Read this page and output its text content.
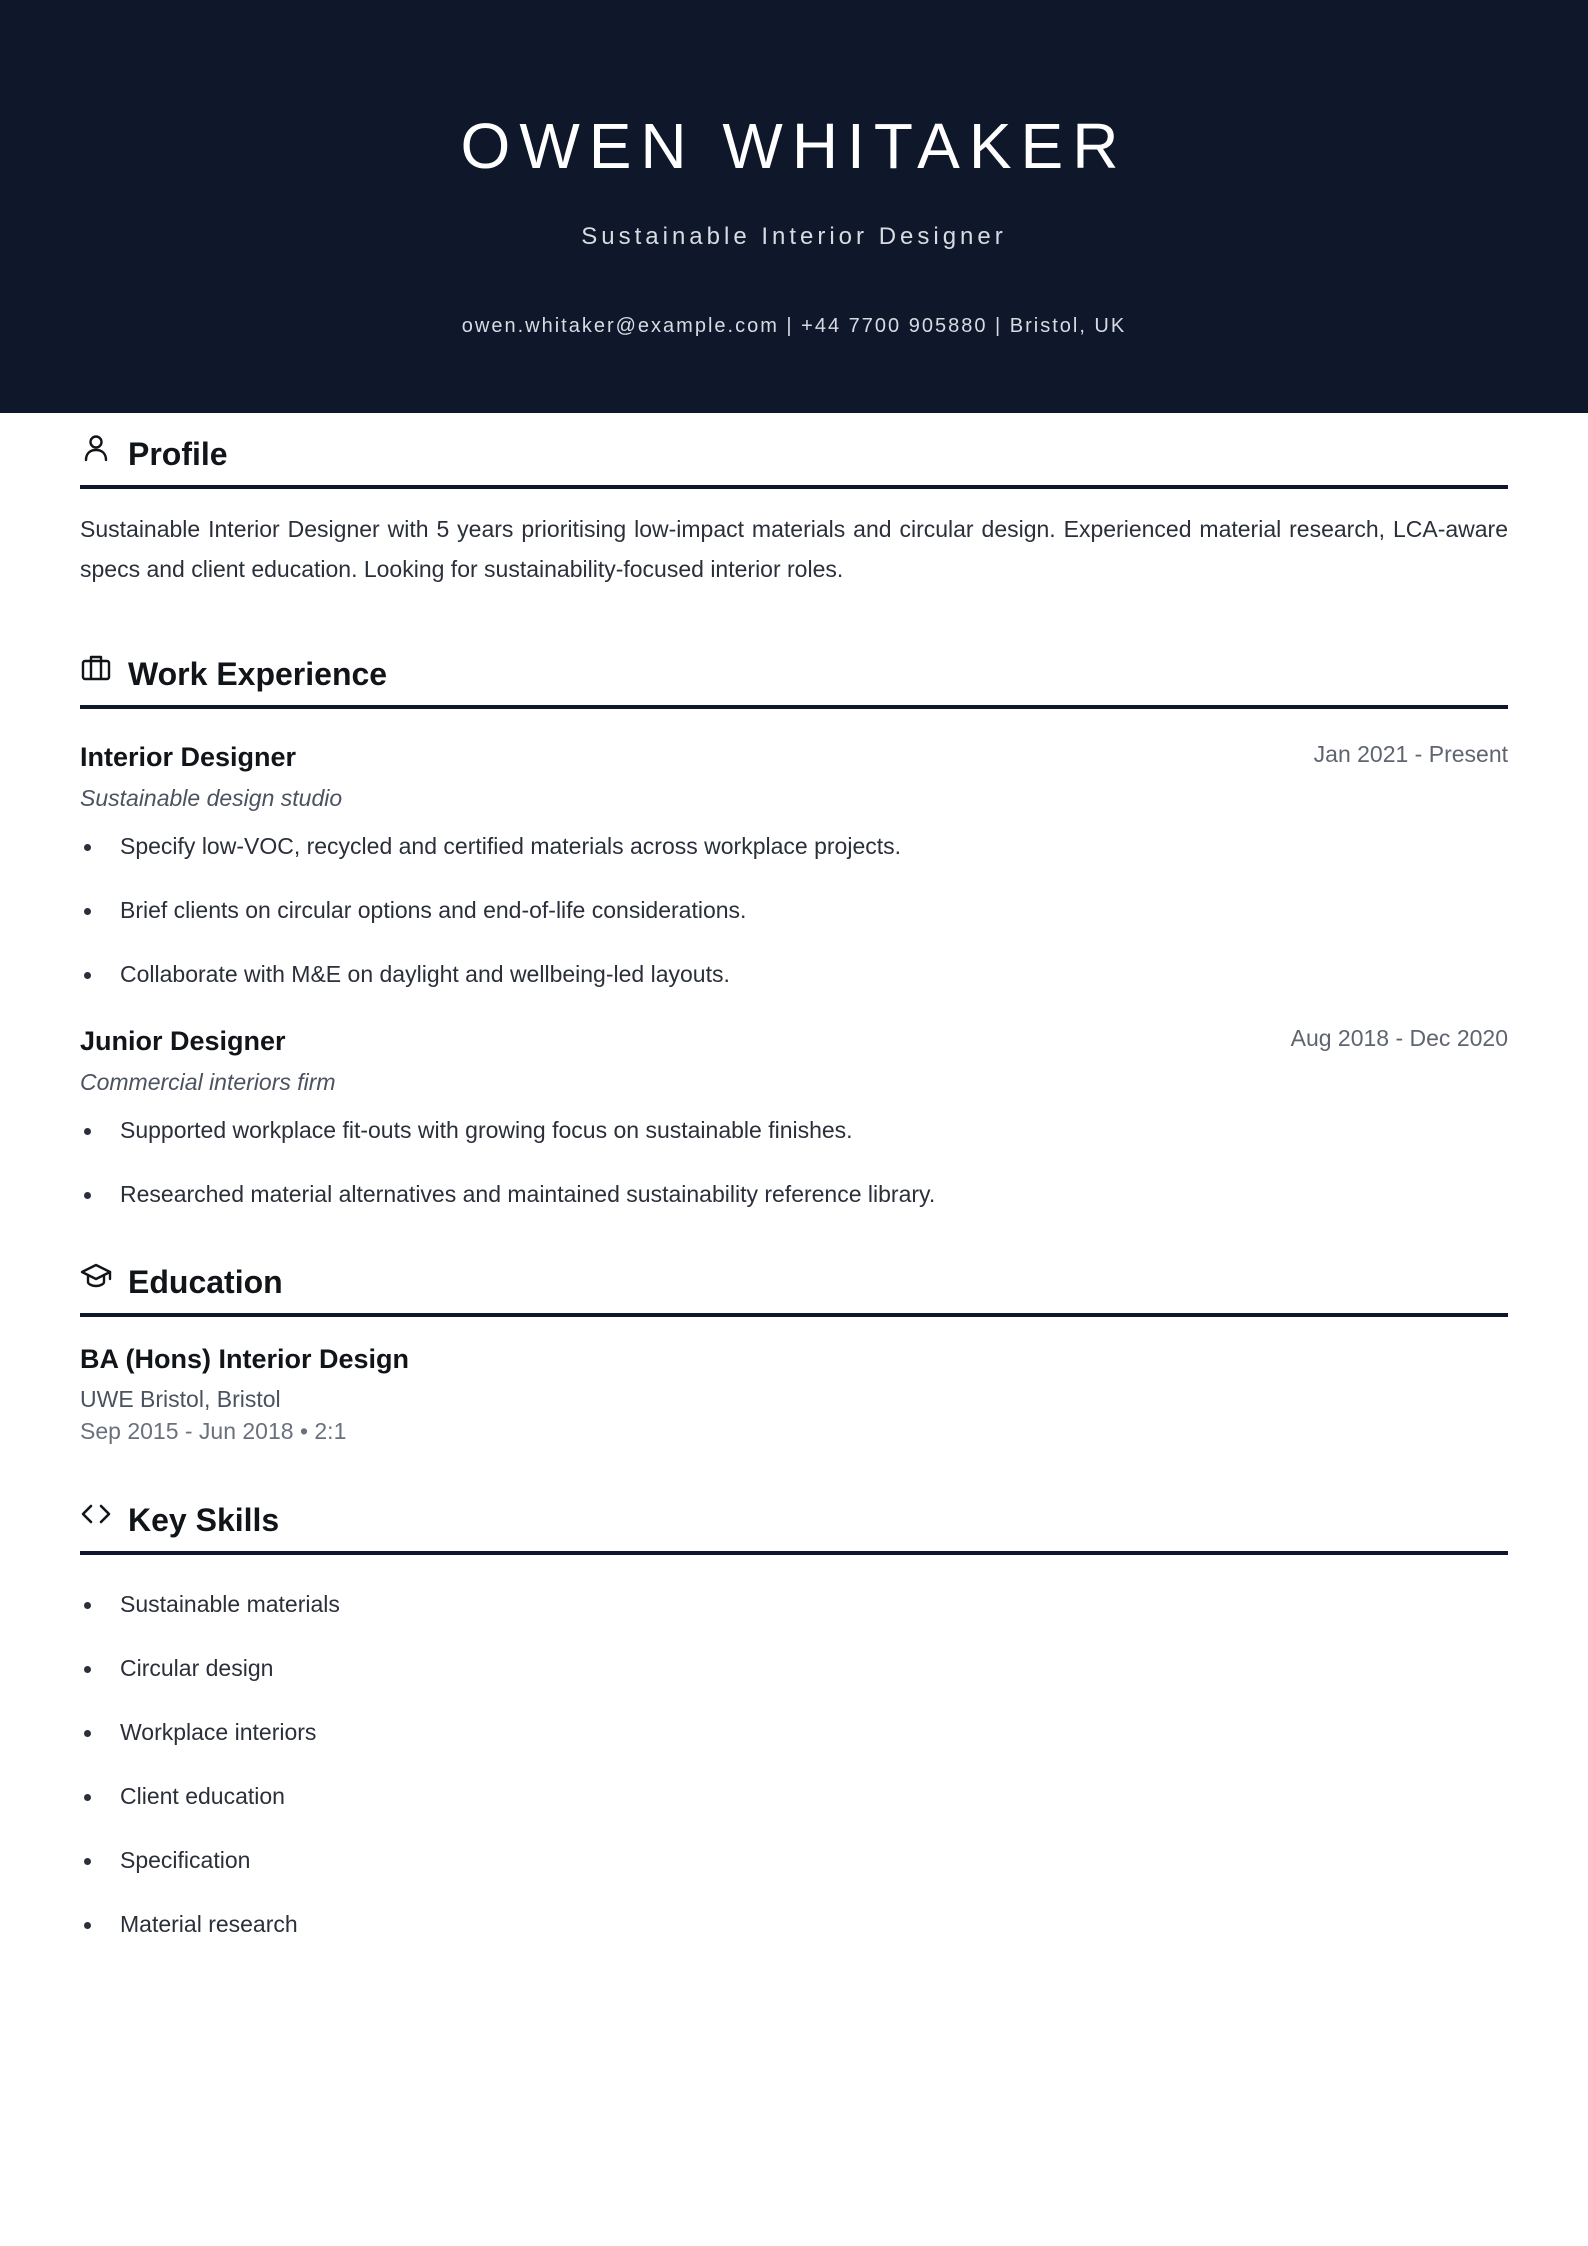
OWEN WHITAKER
Sustainable Interior Designer
owen.whitaker@example.com | +44 7700 905880 | Bristol, UK
Profile
Sustainable Interior Designer with 5 years prioritising low-impact materials and circular design. Experienced material research, LCA-aware specs and client education. Looking for sustainability-focused interior roles.
Work Experience
Interior Designer	Jan 2021 - Present
Sustainable design studio
Specify low-VOC, recycled and certified materials across workplace projects.
Brief clients on circular options and end-of-life considerations.
Collaborate with M&E on daylight and wellbeing-led layouts.
Junior Designer	Aug 2018 - Dec 2020
Commercial interiors firm
Supported workplace fit-outs with growing focus on sustainable finishes.
Researched material alternatives and maintained sustainability reference library.
Education
BA (Hons) Interior Design
UWE Bristol, Bristol
Sep 2015 - Jun 2018 • 2:1
Key Skills
Sustainable materials
Circular design
Workplace interiors
Client education
Specification
Material research
